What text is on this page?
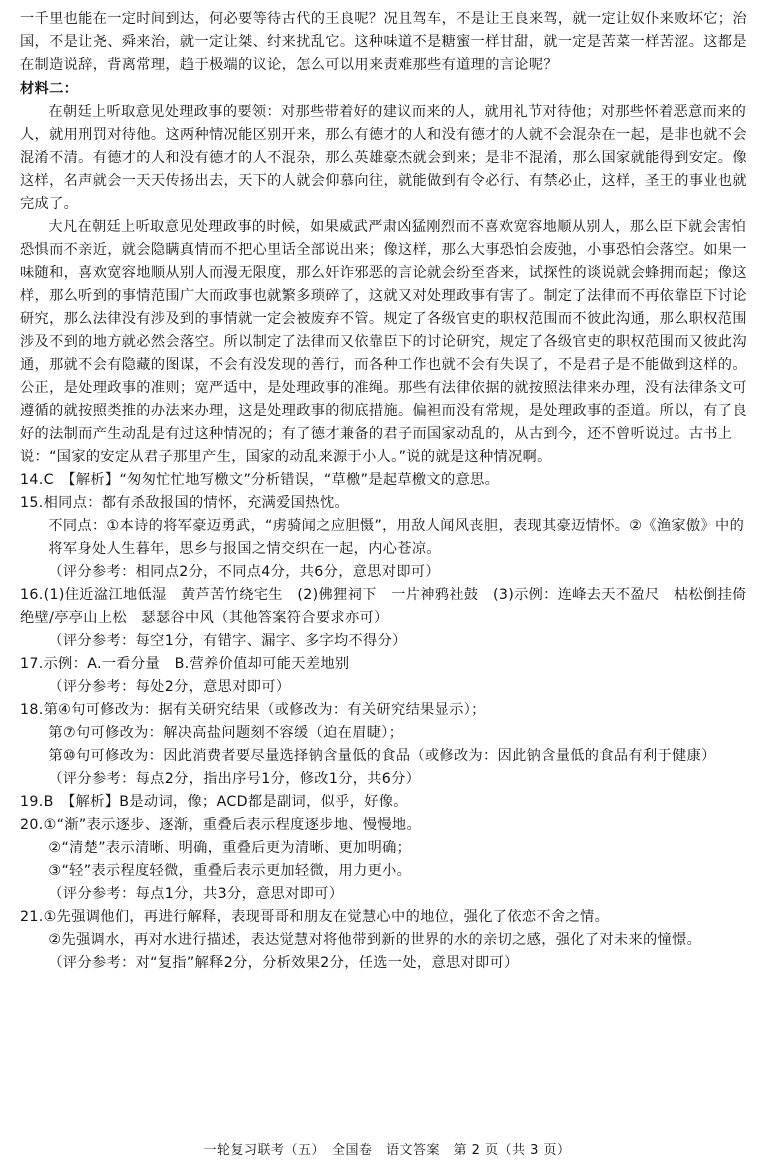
一千里也能在一定时间到达，何必要等待古代的王良呢？况且驾车，不是让王良来驾，就一定让奴仆来败坏它；治国，不是让尧、舜来治，就一定让桀、纣来扰乱它。这种味道不是糖蜜一样甘甜，就一定是苦菜一样苦涩。这都是在制造说辞，背离常理，趋于极端的议论，怎么可以用来责难那些有道理的言论呢？

材料二：

在朝廷上听取意见处理政事的要领：对那些带着好的建议而来的人，就用礼节对待他；对那些怀着恶意而来的人，就用刑罚对待他。这两种情况能区别开来，那么有德才的人和没有德才的人就不会混杂在一起，是非也就不会混淆不清。有德才的人和没有德才的人不混杂，那么英雄豪杰就会到来；是非不混淆，那么国家就能得到安定。像这样，名声就会一天天传扬出去，天下的人就会仰慕向往，就能做到有令必行、有禁必止，这样，圣王的事业也就完成了。

大凡在朝廷上听取意见处理政事的时候，如果威武严肃凶猛刚烈而不喜欢宽容地顺从别人，那么臣下就会害怕恐惧而不亲近，就会隐瞒真情而不把心里话全部说出来；像这样，那么大事恐怕会废弛，小事恐怕会落空。如果一味随和，喜欢宽容地顺从别人而漫无限度，那么奸诈邪恶的言论就会纷至沓来，试探性的谈说就会蜂拥而起；像这样，那么听到的事情范围广大而政事也就繁多琐碎了，这就又对处理政事有害了。制定了法律而不再依靠臣下讨论研究，那么法律没有涉及到的事情就一定会被废弃不管。规定了各级官吏的职权范围而不彼此沟通，那么职权范围涉及不到的地方就必然会落空。所以制定了法律而又依靠臣下的讨论研究，规定了各级官吏的职权范围而又彼此沟通，那就不会有隐藏的图谋，不会有没发现的善行，而各种工作也就不会有失误了，不是君子是不能做到这样的。公正，是处理政事的准则；宽严适中，是处理政事的准绳。那些有法律依据的就按照法律来办理，没有法律条文可遵循的就按照类推的办法来办理，这是处理政事的彻底措施。偏袒而没有常规，是处理政事的歪道。所以，有了良好的法制而产生动乱是有过这种情况的；有了德才兼备的君子而国家动乱的，从古到今，还不曾听说过。古书上说：“国家的安定从君子那里产生，国家的动乱来源于小人。”说的就是这种情况啊。

14.C　【解析】“匆匆忙忙地写檄文”分析错误，“草檄”是起草檄文的意思。

15.相同点：都有杀敌报国的情怀，充满爱国热忱。

不同点：①本诗的将军豪迈勇武，“虏骑闻之应胆慑”，用敌人闻风丧胆，表现其豪迈情怀。②《渔家傲》中的将军身处人生暮年，思乡与报国之情交织在一起，内心苍凉。

（评分参考：相同点2分，不同点4分，共6分，意思对即可）

16.(1)住近湓江地低湿　黄芦苦竹绕宅生　(2)佛狸祠下　一片神鸦社鼓　(3)示例：连峰去天不盈尺　枯松倒挂倚绝壁/亭亭山上松　瑟瑟谷中风（其他答案符合要求亦可）

（评分参考：每空1分，有错字、漏字、多字均不得分）

17.示例：A.一看分量　B.营养价值却可能天差地别

（评分参考：每处2分，意思对即可）

18.第④句可修改为：据有关研究结果（或修改为：有关研究结果显示）；

第⑦句可修改为：解决高盐问题刻不容缓（迫在眉睫）；

第⑩句可修改为：因此消费者要尽量选择钠含量低的食品（或修改为：因此钠含量低的食品有利于健康）

（评分参考：每点2分，指出序号1分，修改1分，共6分）

19.B　【解析】B是动词，像；ACD都是副词，似乎，好像。

20.①“渐”表示逐步、逐渐，重叠后表示程度逐步地、慢慢地。

②“清楚”表示清晰、明确，重叠后更为清晰、更加明确；

③“轻”表示程度轻微，重叠后表示更加轻微，用力更小。

（评分参考：每点1分，共3分，意思对即可）

21.①先强调他们，再进行解释，表现哥哥和朋友在觉慧心中的地位，强化了依恋不舍之情。

②先强调水，再对水进行描述，表达觉慧对将他带到新的世界的水的亲切之感，强化了对未来的憧憬。

（评分参考：对“复指”解释2分，分析效果2分，任选一处，意思对即可）

一轮复习联考（五）　全国卷　语文答案　第 2 页（共 3 页）
